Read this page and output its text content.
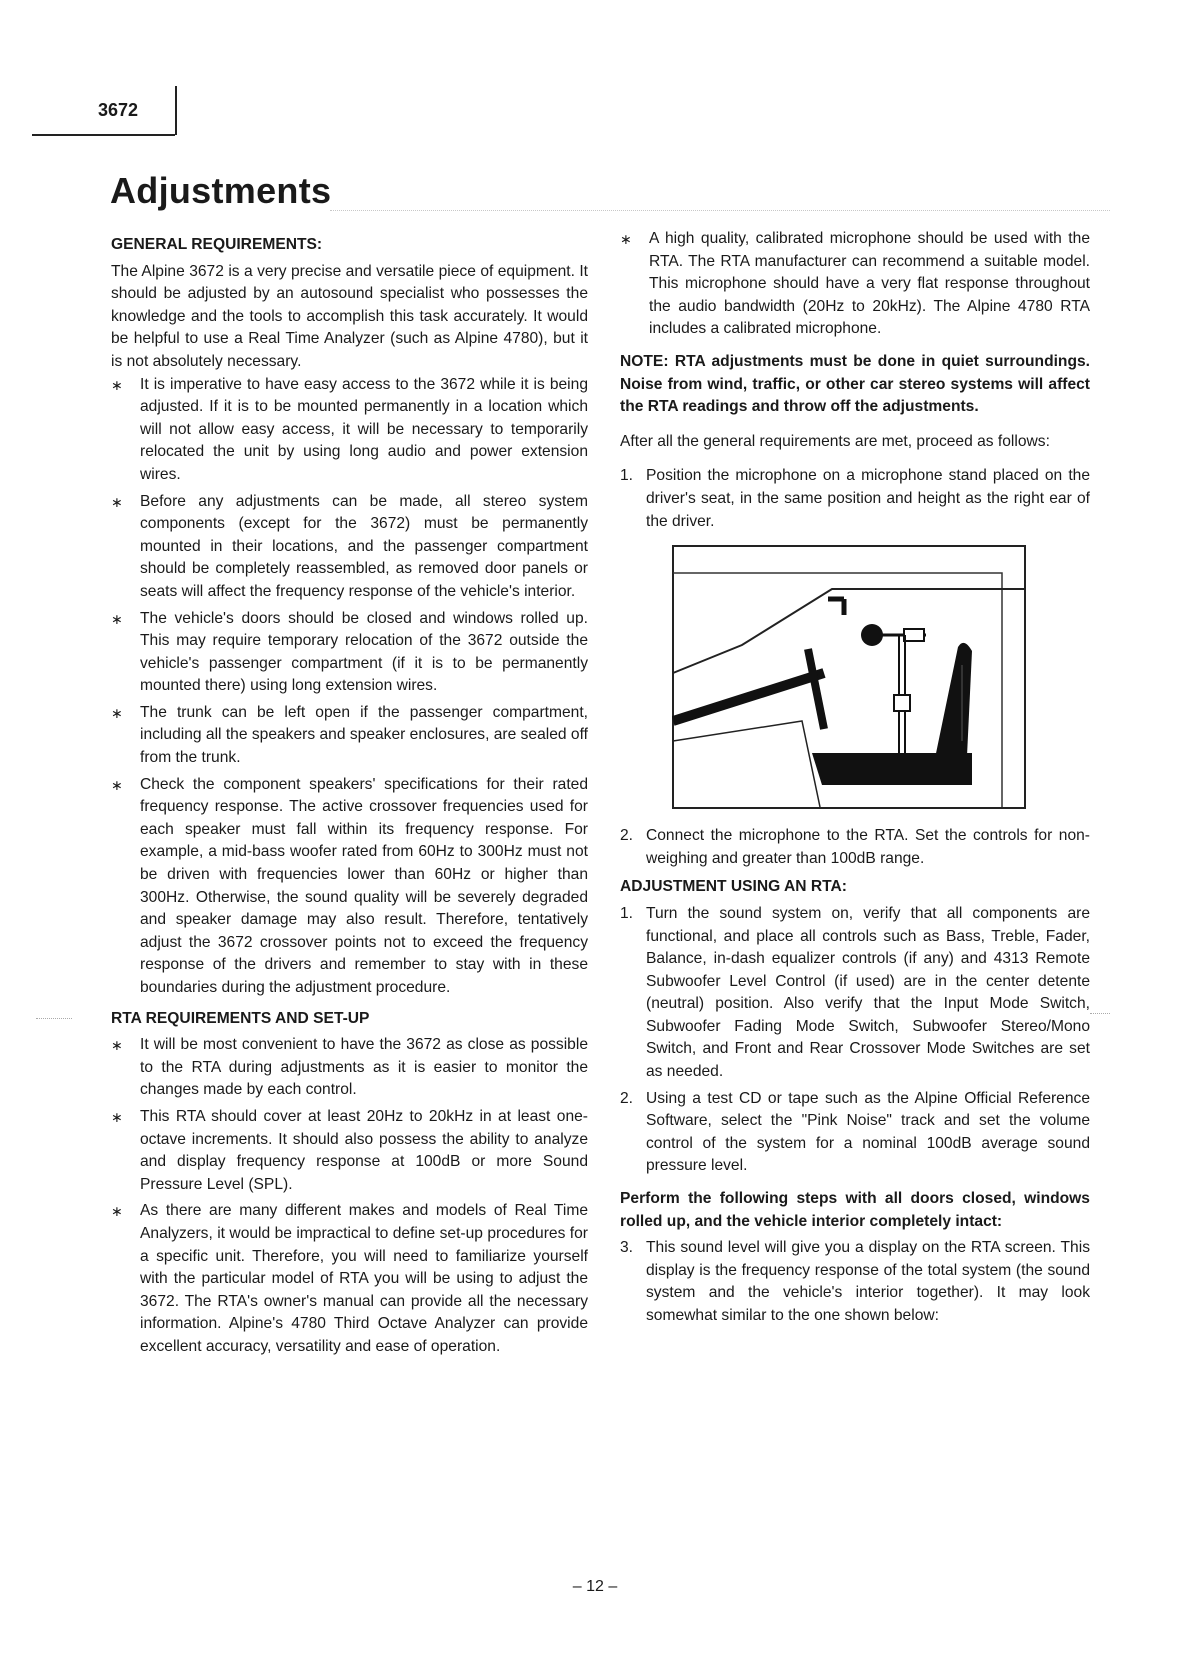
3672
Adjustments
GENERAL REQUIREMENTS:

The Alpine 3672 is a very precise and versatile piece of equipment. It should be adjusted by an autosound specialist who possesses the knowledge and the tools to accomplish this task accurately. It would be helpful to use a Real Time Analyzer (such as Alpine 4780), but it is not absolutely necessary.

∗ It is imperative to have easy access to the 3672 while it is being adjusted. If it is to be mounted permanently in a location which will not allow easy access, it will be necessary to temporarily relocated the unit by using long audio and power extension wires.
∗ Before any adjustments can be made, all stereo system components (except for the 3672) must be permanently mounted in their locations, and the passenger compartment should be completely reassembled, as removed door panels or seats will affect the frequency response of the vehicle's interior.
∗ The vehicle's doors should be closed and windows rolled up. This may require temporary relocation of the 3672 outside the vehicle's passenger compartment (if it is to be permanently mounted there) using long extension wires.
∗ The trunk can be left open if the passenger compartment, including all the speakers and speaker enclosures, are sealed off from the trunk.
∗ Check the component speakers' specifications for their rated frequency response. The active crossover frequencies used for each speaker must fall within its frequency response. For example, a mid-bass woofer rated from 60Hz to 300Hz must not be driven with frequencies lower than 60Hz or higher than 300Hz. Otherwise, the sound quality will be severely degraded and speaker damage may also result. Therefore, tentatively adjust the 3672 crossover points not to exceed the frequency response of the drivers and remember to stay with in these boundaries during the adjustment procedure.
RTA REQUIREMENTS AND SET-UP
∗ It will be most convenient to have the 3672 as close as possible to the RTA during adjustments as it is easier to monitor the changes made by each control.
∗ This RTA should cover at least 20Hz to 20kHz in at least one-octave increments. It should also possess the ability to analyze and display frequency response at 100dB or more Sound Pressure Level (SPL).
∗ As there are many different makes and models of Real Time Analyzers, it would be impractical to define set-up procedures for a specific unit. Therefore, you will need to familiarize yourself with the particular model of RTA you will be using to adjust the 3672. The RTA's owner's manual can provide all the necessary information. Alpine's 4780 Third Octave Analyzer can provide excellent accuracy, versatility and ease of operation.
∗ A high quality, calibrated microphone should be used with the RTA. The RTA manufacturer can recommend a suitable model. This microphone should have a very flat response throughout the audio bandwidth (20Hz to 20kHz). The Alpine 4780 RTA includes a calibrated microphone.

NOTE: RTA adjustments must be done in quiet surroundings. Noise from wind, traffic, or other car stereo systems will affect the RTA readings and throw off the adjustments.

After all the general requirements are met, proceed as follows:

1. Position the microphone on a microphone stand placed on the driver's seat, in the same position and height as the right ear of the driver.
2. Connect the microphone to the RTA. Set the controls for non-weighing and greater than 100dB range.
ADJUSTMENT USING AN RTA:
1. Turn the sound system on, verify that all components are functional, and place all controls such as Bass, Treble, Fader, Balance, in-dash equalizer controls (if any) and 4313 Remote Subwoofer Level Control (if used) are in the center detente (neutral) position. Also verify that the Input Mode Switch, Subwoofer Fading Mode Switch, Subwoofer Stereo/Mono Switch, and Front and Rear Crossover Mode Switches are set as needed.
2. Using a test CD or tape such as the Alpine Official Reference Software, select the "Pink Noise" track and set the volume control of the system for a nominal 100dB average sound pressure level.

Perform the following steps with all doors closed, windows rolled up, and the vehicle interior completely intact:

3. This sound level will give you a display on the RTA screen. This display is the frequency response of the total system (the sound system and the vehicle's interior together). It may look somewhat similar to the one shown below:
– 12 –
